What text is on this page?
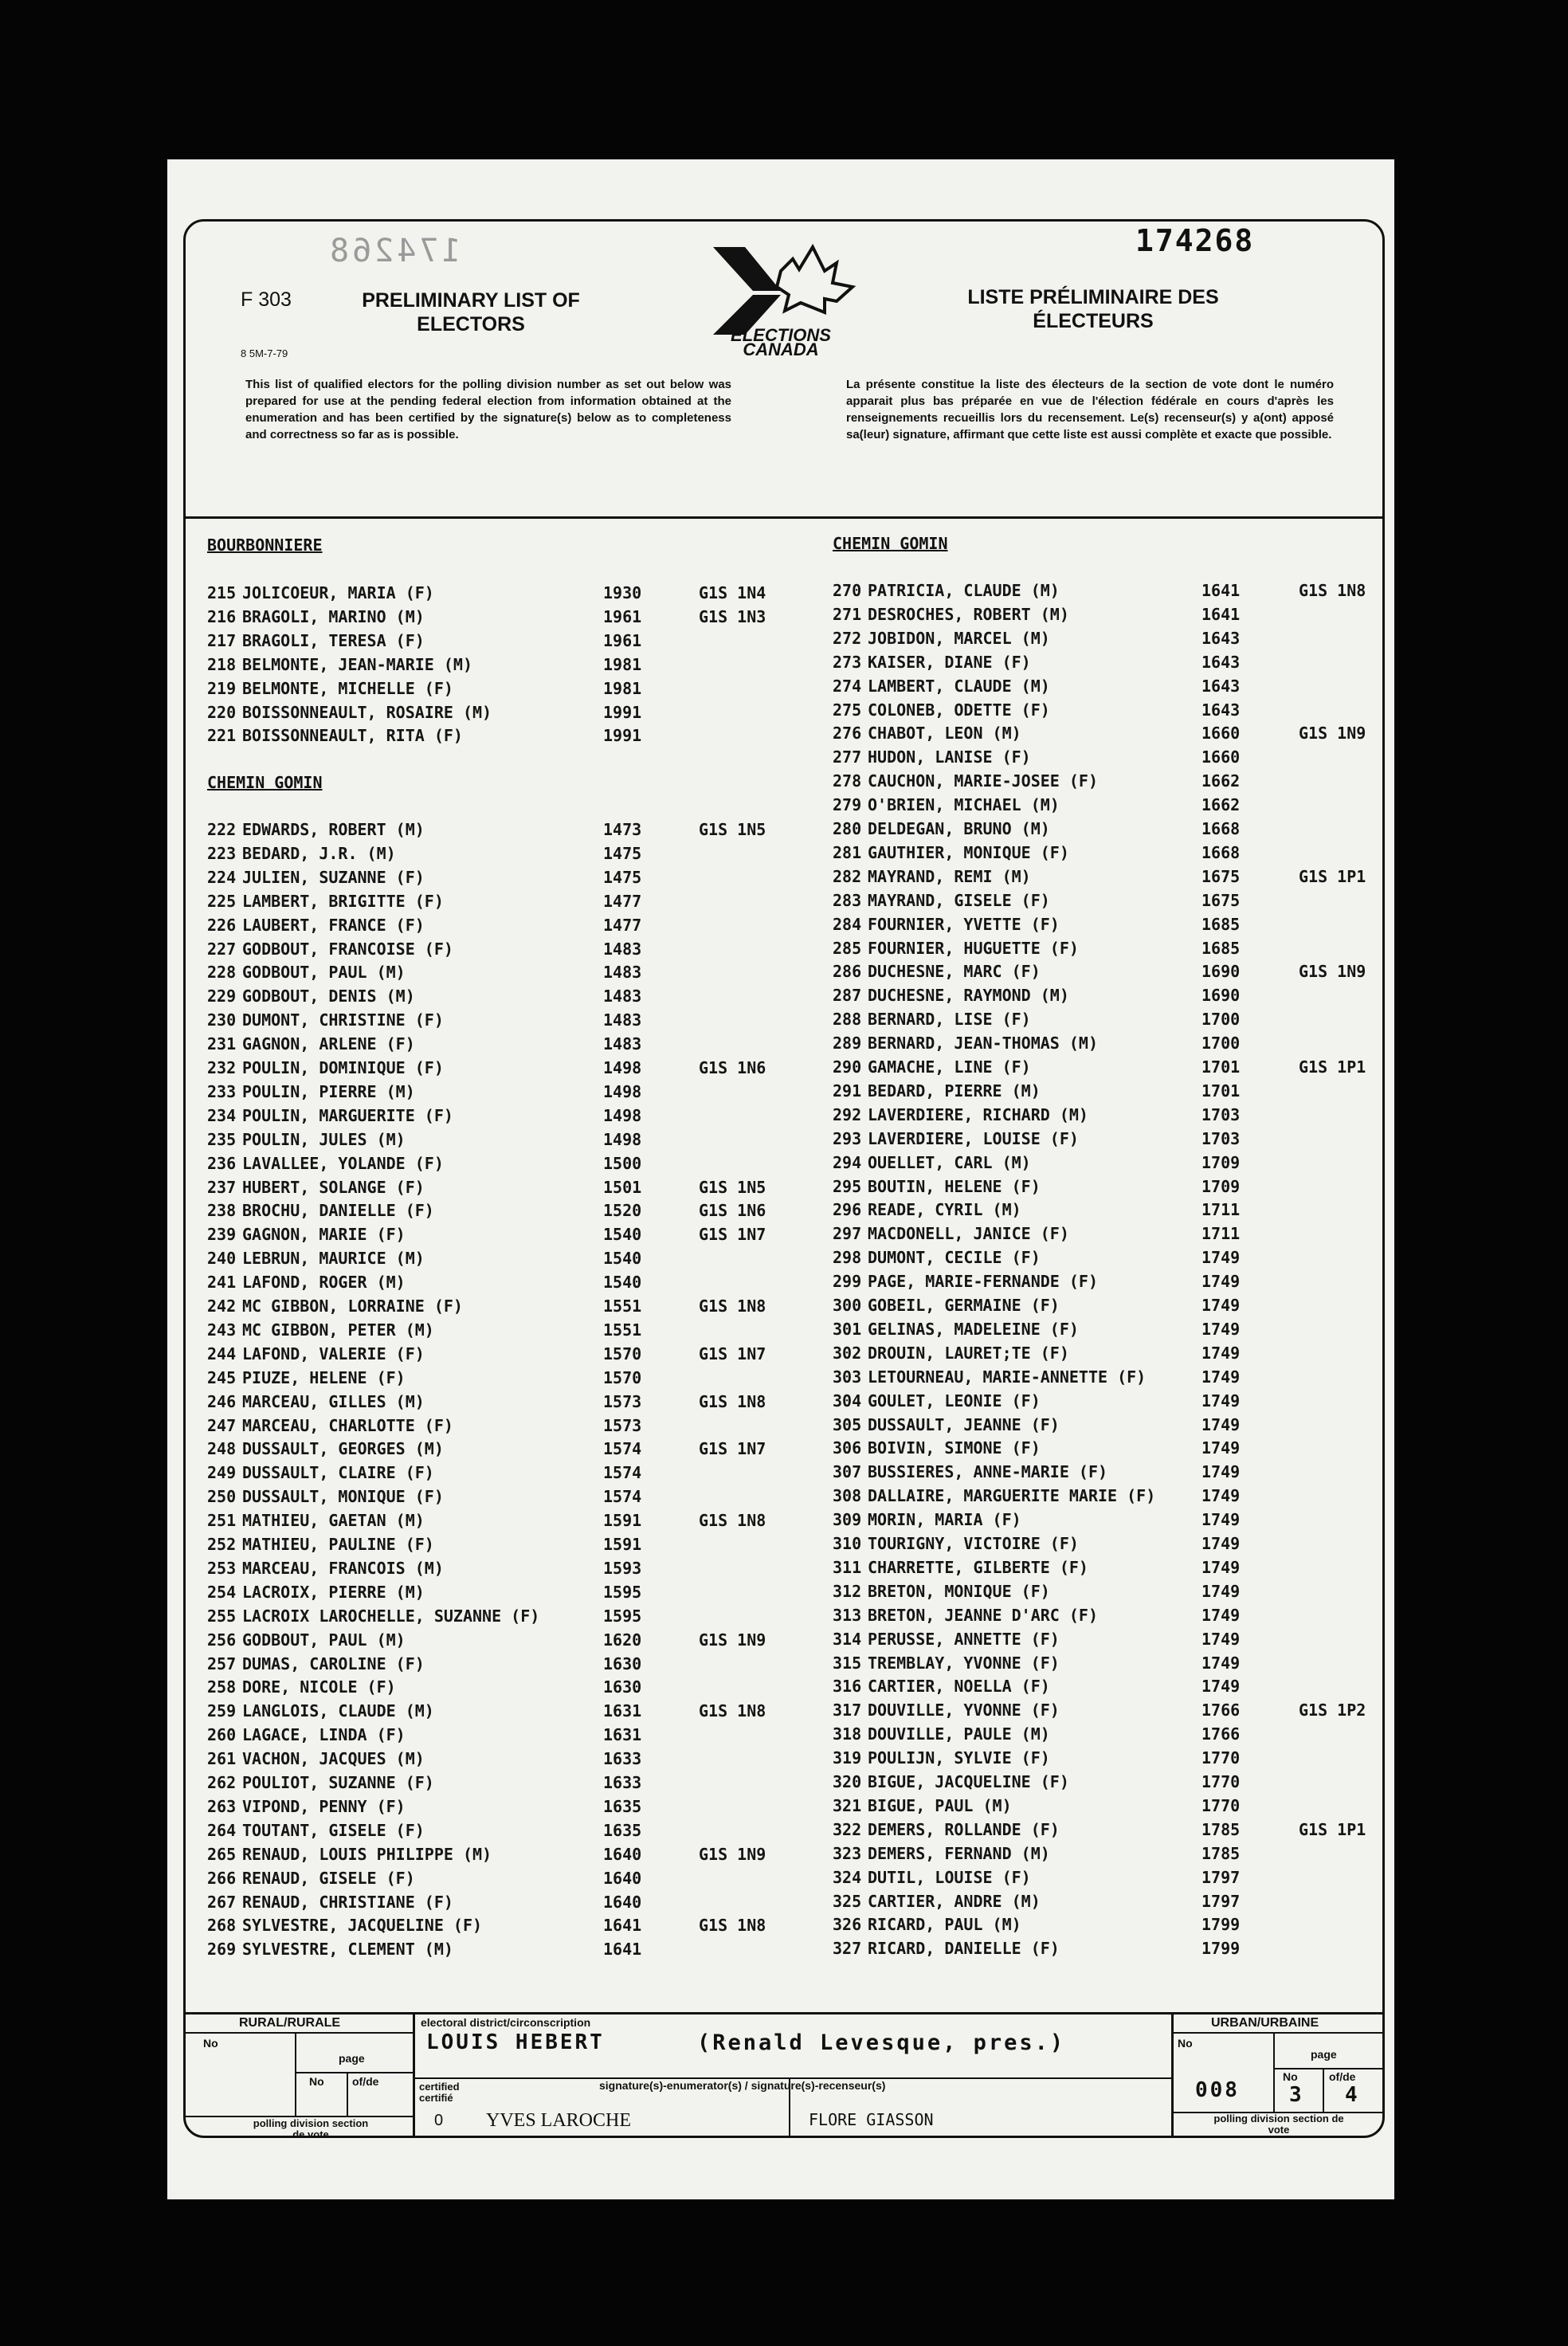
174268	174268
F 303
8 5M-7-79
PRELIMINARY LIST OF ELECTORS
LISTE PRÉLIMINAIRE DES ÉLECTEURS
ELECTIONS
CANADA
This list of qualified electors for the polling division number as set out below was prepared for use at the pending federal election from information obtained at the enumeration and has been certified by the signature(s) below as to completeness and correctness so far as is possible.
La présente constitue la liste des électeurs de la section de vote dont le numéro apparait plus bas préparée en vue de l'élection fédérale en cours d'après les renseignements recueillis lors du recensement. Le(s) recenseur(s) y a(ont) apposé sa(leur) signature, affirmant que cette liste est aussi complète et exacte que possible.
BOURBONNIERE
CHEMIN GOMIN
CHEMIN GOMIN
215 JOLICOEUR, MARIA (F)	1930	G1S 1N4
216 BRAGOLI, MARINO (M)	1961	G1S 1N3
217 BRAGOLI, TERESA (F)	1961
218 BELMONTE, JEAN-MARIE (M)	1981
219 BELMONTE, MICHELLE (F)	1981
220 BOISSONNEAULT, ROSAIRE (M)	1991
221 BOISSONNEAULT, RITA (F)	1991
222 EDWARDS, ROBERT (M)	1473	G1S 1N5
223 BEDARD, J.R. (M)	1475
224 JULIEN, SUZANNE (F)	1475
225 LAMBERT, BRIGITTE (F)	1477
226 LAUBERT, FRANCE (F)	1477
227 GODBOUT, FRANCOISE (F)	1483
228 GODBOUT, PAUL (M)	1483
229 GODBOUT, DENIS (M)	1483
230 DUMONT, CHRISTINE (F)	1483
231 GAGNON, ARLENE (F)	1483
232 POULIN, DOMINIQUE (F)	1498	G1S 1N6
233 POULIN, PIERRE (M)	1498
234 POULIN, MARGUERITE (F)	1498
235 POULIN, JULES (M)	1498
236 LAVALLEE, YOLANDE (F)	1500
237 HUBERT, SOLANGE (F)	1501	G1S 1N5
238 BROCHU, DANIELLE (F)	1520	G1S 1N6
239 GAGNON, MARIE (F)	1540	G1S 1N7
240 LEBRUN, MAURICE (M)	1540
241 LAFOND, ROGER (M)	1540
242 MC GIBBON, LORRAINE (F)	1551	G1S 1N8
243 MC GIBBON, PETER (M)	1551
244 LAFOND, VALERIE (F)	1570	G1S 1N7
245 PIUZE, HELENE (F)	1570
246 MARCEAU, GILLES (M)	1573	G1S 1N8
247 MARCEAU, CHARLOTTE (F)	1573
248 DUSSAULT, GEORGES (M)	1574	G1S 1N7
249 DUSSAULT, CLAIRE (F)	1574
250 DUSSAULT, MONIQUE (F)	1574
251 MATHIEU, GAETAN (M)	1591	G1S 1N8
252 MATHIEU, PAULINE (F)	1591
253 MARCEAU, FRANCOIS (M)	1593
254 LACROIX, PIERRE (M)	1595
255 LACROIX LAROCHELLE, SUZANNE (F)	1595
256 GODBOUT, PAUL (M)	1620	G1S 1N9
257 DUMAS, CAROLINE (F)	1630
258 DORE, NICOLE (F)	1630
259 LANGLOIS, CLAUDE (M)	1631	G1S 1N8
260 LAGACE, LINDA (F)	1631
261 VACHON, JACQUES (M)	1633
262 POULIOT, SUZANNE (F)	1633
263 VIPOND, PENNY (F)	1635
264 TOUTANT, GISELE (F)	1635
265 RENAUD, LOUIS PHILIPPE (M)	1640	G1S 1N9
266 RENAUD, GISELE (F)	1640
267 RENAUD, CHRISTIANE (F)	1640
268 SYLVESTRE, JACQUELINE (F)	1641	G1S 1N8
269 SYLVESTRE, CLEMENT (M)	1641
270 PATRICIA, CLAUDE (M)	1641	G1S 1N8
271 DESROCHES, ROBERT (M)	1641
272 JOBIDON, MARCEL (M)	1643
273 KAISER, DIANE (F)	1643
274 LAMBERT, CLAUDE (M)	1643
275 COLONEB, ODETTE (F)	1643
276 CHABOT, LEON (M)	1660	G1S 1N9
277 HUDON, LANISE (F)	1660
278 CAUCHON, MARIE-JOSEE (F)	1662
279 O'BRIEN, MICHAEL (M)	1662
280 DELDEGAN, BRUNO (M)	1668
281 GAUTHIER, MONIQUE (F)	1668
282 MAYRAND, REMI (M)	1675	G1S 1P1
283 MAYRAND, GISELE (F)	1675
284 FOURNIER, YVETTE (F)	1685
285 FOURNIER, HUGUETTE (F)	1685
286 DUCHESNE, MARC (F)	1690	G1S 1N9
287 DUCHESNE, RAYMOND (M)	1690
288 BERNARD, LISE (F)	1700
289 BERNARD, JEAN-THOMAS (M)	1700
290 GAMACHE, LINE (F)	1701	G1S 1P1
291 BEDARD, PIERRE (M)	1701
292 LAVERDIERE, RICHARD (M)	1703
293 LAVERDIERE, LOUISE (F)	1703
294 OUELLET, CARL (M)	1709
295 BOUTIN, HELENE (F)	1709
296 READE, CYRIL (M)	1711
297 MACDONELL, JANICE (F)	1711
298 DUMONT, CECILE (F)	1749
299 PAGE, MARIE-FERNANDE (F)	1749
300 GOBEIL, GERMAINE (F)	1749
301 GELINAS, MADELEINE (F)	1749
302 DROUIN, LAURET;TE (F)	1749
303 LETOURNEAU, MARIE-ANNETTE (F)	1749
304 GOULET, LEONIE (F)	1749
305 DUSSAULT, JEANNE (F)	1749
306 BOIVIN, SIMONE (F)	1749
307 BUSSIERES, ANNE-MARIE (F)	1749
308 DALLAIRE, MARGUERITE MARIE (F)	1749
309 MORIN, MARIA (F)	1749
310 TOURIGNY, VICTOIRE (F)	1749
311 CHARRETTE, GILBERTE (F)	1749
312 BRETON, MONIQUE (F)	1749
313 BRETON, JEANNE D'ARC (F)	1749
314 PERUSSE, ANNETTE (F)	1749
315 TREMBLAY, YVONNE (F)	1749
316 CARTIER, NOELLA (F)	1749
317 DOUVILLE, YVONNE (F)	1766	G1S 1P2
318 DOUVILLE, PAULE (M)	1766
319 POULIJN, SYLVIE (F)	1770
320 BIGUE, JACQUELINE (F)	1770
321 BIGUE, PAUL (M)	1770
322 DEMERS, ROLLANDE (F)	1785	G1S 1P1
323 DEMERS, FERNAND (M)	1785
324 DUTIL, LOUISE (F)	1797
325 CARTIER, ANDRE (M)	1797
326 RICARD, PAUL (M)	1799
327 RICARD, DANIELLE (F)	1799
RURAL/RURALE
No
page
No	of/de
polling division section de vote
electoral district/circonscription
LOUIS HEBERT	(Renald Levesque, pres.)
certified certifié
0
signature(s)-enumerator(s) / signature(s)-recenseur(s)
YVES LAROCHE	FLORE GIASSON
URBAN/URBAINE
No
page
No	of/de
008 3 4
polling division section de vote
